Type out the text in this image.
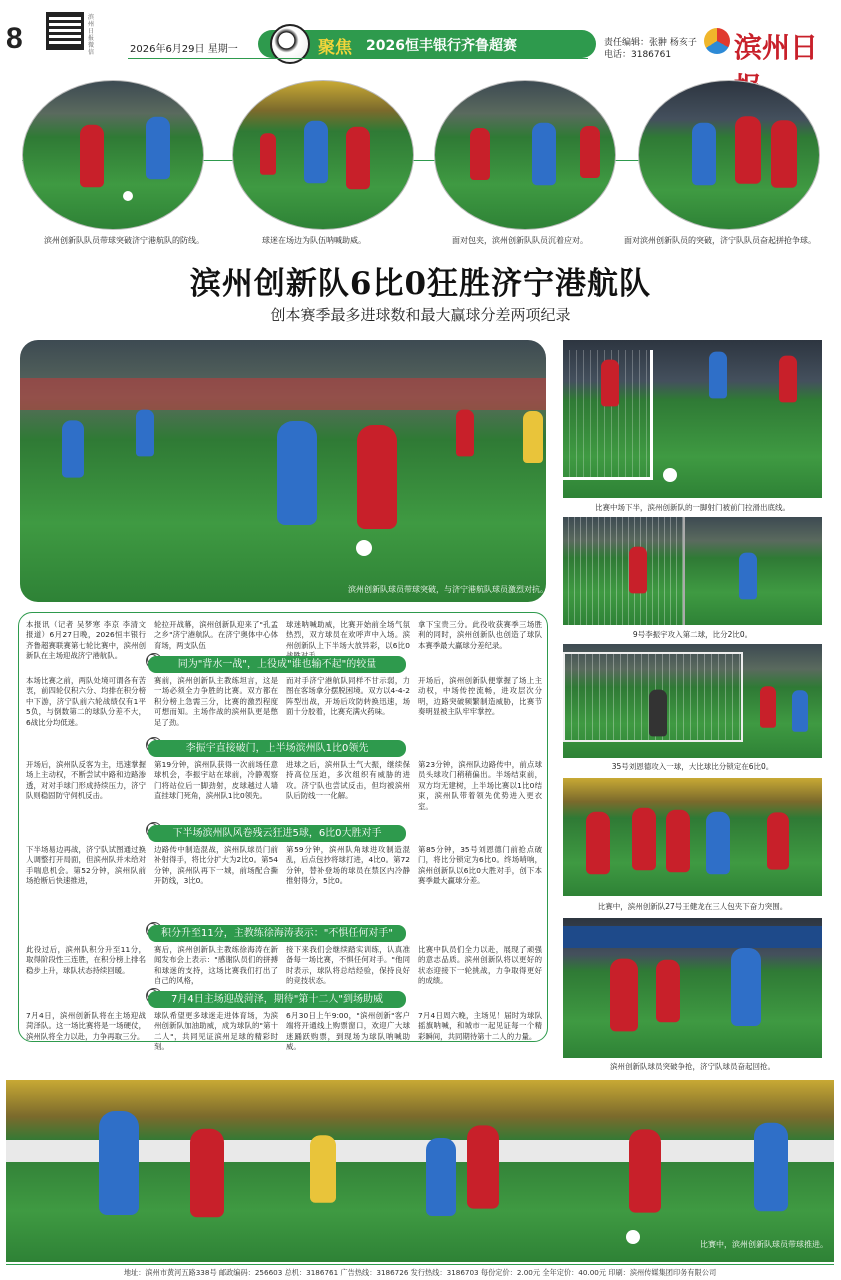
8
滨州日报微信	2026年6月29日 星期一	聚焦 2026恒丰银行齐鲁超赛	责任编辑：张翀 杨亥子
电话：3186761 滨州日
滨州创新队队员带球突破济宁港航队的防线。	球迷在场边为队伍呐喊助威。	面对包夹，滨州创新队队员沉着应对。	面对滨州创新队员的突破，济宁队队员奋起拼抢争球。
滨州创新队6比0狂胜济宁港航队
创本赛季最多进球数和最大赢球分差两项纪录
滨州创新队球员带球突破，与济宁港航队球员激烈对抗。
本报讯（记者 吴梦寒 李京 李清文 报道）6月27日晚，2026恒丰银行齐鲁超赛联赛第七轮比赛中，滨州创新队在主场迎战济宁港航队。
轮拉开战幕，滨州创新队迎来了"孔孟之乡"济宁港航队。在济宁奥体中心体育场，两支队伍
球迷呐喊助威，比赛开始前全场气氛热烈，双方球员在欢呼声中入场。滨州创新队上下半场大放异彩，以6比0
拿下宝贵三分。此役收获赛季三场胜利的同时，滨州创新队也创造了球队本赛季最大赢球分差纪录。
同为"背水一战"，上役成"谁也输不起"的较量
本场比赛之前，两队处境可谓各有苦衷，前四轮仅积六分、均排在积分榜中下游，济宁队前六轮战绩仅有1平5负，与倒数第二的球队分差不大，6战比分均低迷。
赛前，滨州创新队主教练坦言，这是一场必须全力争胜的比赛。双方都在积分榜上急需三分，比赛的激烈程度可想而知。主场作战的滨州队更是憋足了劲。
而对手济宁港航队同样不甘示弱，力图在客场拿分摆脱困境。双方以4-4-2阵型出战，开场后攻防转换迅速，场面十分胶着，比赛充满火药味。
开场后，滨州创新队便掌握了场上主动权，中场传控流畅，进攻层次分明，边路突破频繁制造威胁，比赛节奏明显被主队牢牢掌控。
李振宇直接破门，上半场滨州队1比0领先
开场后，滨州队反客为主，迅速掌握场上主动权，不断尝试中路和边路渗透，对对手球门形成持续压力，济宁队则稳固防守伺机反击。
第19分钟，滨州队获得一次前场任意球机会，李振宇站在球前，冷静观察门将站位后一脚劲射，皮球越过人墙直挂球门死角，滨州队1比0领先。
进球之后，滨州队士气大振，继续保持高位压迫，多次组织有威胁的进攻。济宁队也尝试反击，但均被滨州队后防线一一化解。
第23分钟，滨州队边路传中，前点球员头球攻门稍稍偏出。半场结束前，双方均无建树，上半场比赛以1比0结束，滨州队带着领先优势进入更衣室。
下半场滨州队风卷残云狂进5球，6比0大胜对手
下半场易边再战，济宁队试图通过换人调整打开局面，但滨州队并未给对手喘息机会。第52分钟，滨州队前场抢断后快速推进，
边路传中制造混战，滨州队球员门前补射得手，将比分扩大为2比0。第54分钟，滨州队再下一城，前场配合撕开防线，3比0。
第59分钟，滨州队角球进攻制造混乱，后点包抄将球打进，4比0。第72分钟，替补登场的球员在禁区内冷静推射得分，5比0。
第85分钟，35号刘恩德门前抢点破门，将比分锁定为6比0。终场哨响，滨州创新队以6比0大胜对手，创下本赛季最大赢球分差。
积分升至11分，主教练徐海涛表示："不惧任何对手"
此役过后，滨州队积分升至11分，取得阶段性三连胜，在积分榜上排名稳步上升，球队状态持续回暖。
赛后，滨州创新队主教练徐海涛在新闻发布会上表示："感谢队员们的拼搏和球迷的支持，这场比赛我们打出了自己的风格，
接下来我们会继续踏实训练，认真准备每一场比赛，不惧任何对手。"他同时表示，球队将总结经验，保持良好的竞技状态。
比赛中队员们全力以赴，展现了顽强的意志品质。滨州创新队将以更好的状态迎接下一轮挑战，力争取得更好的成绩。
7月4日主场迎战菏泽，期待"第十二人"到场助威
7月4日，滨州创新队将在主场迎战菏泽队。这一场比赛将是一场硬仗，滨州队将全力以赴，力争再取三分。
球队希望更多球迷走进体育场，为滨州创新队加油助威，成为球队的"第十二人"，共同见证滨州足球的精彩时刻。
6月30日上午9:00，"滨州创新"客户端将开通线上购票窗口，欢迎广大球迷踊跃购票，到现场为球队呐喊助威。
7月4日周六晚，主场见！届时为球队摇旗呐喊，和城市一起见证每一个精彩瞬间，共同期待第十二人的力量。
比赛中场下半，滨州创新队的一脚射门被前门拉滑出底线。
9号李振宇攻入第二球，比分2比0。
35号刘恩德攻入一球，大比球比分锁定在6比0。
比赛中，滨州创新队27号王健龙在三人包夹下奋力突围。
滨州创新队球员突破争抢，济宁队球员奋起回抢。
比赛中，滨州创新队球员带球推进。
地址：滨州市黄河五路338号 邮政编码：256603 总机：3186761 广告热线：3186726 发行热线：3186703 每份定价：2.00元 全年定价：40.00元 印刷：滨州传媒集团印务有限公司
